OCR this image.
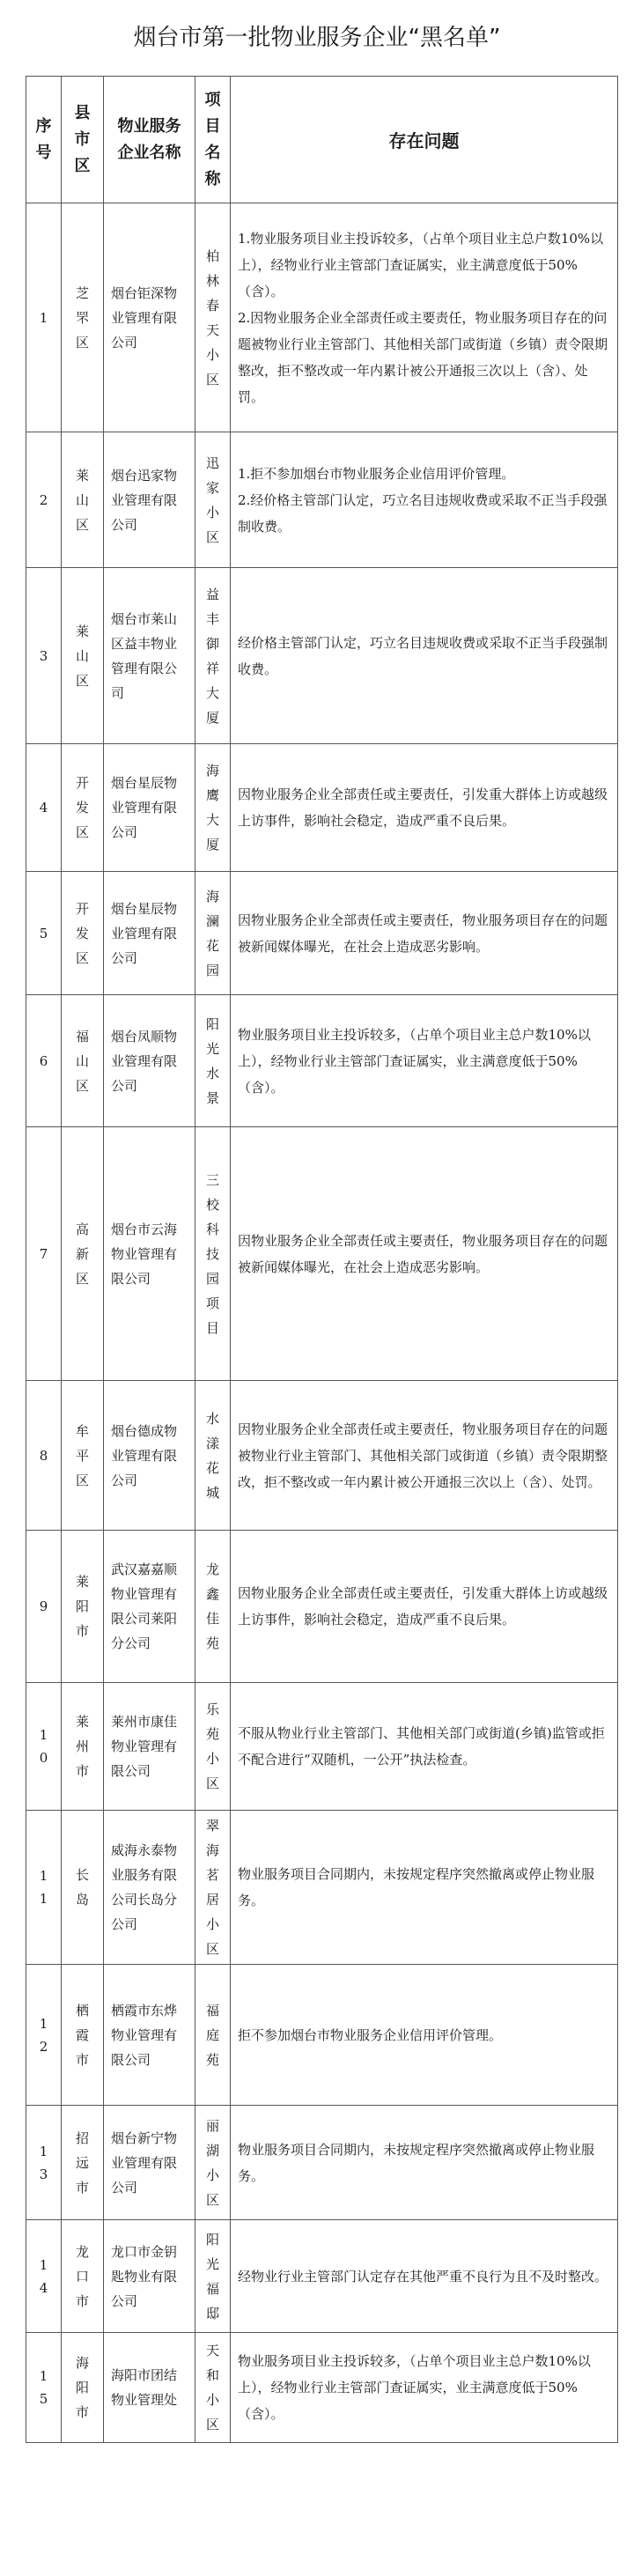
烟台市第一批物业服务企业“黑名单”
序号	县市区	物业服务企业名称	项目名称	存在问题
1	芝罘区	烟台钜深物业管理有限公司	柏林春天小区	1.物业服务项目业主投诉较多，（占单个项目业主总户数10%以上），经物业行业主管部门查证属实，业主满意度低于50%（含）。
2.因物业服务企业全部责任或主要责任，物业服务项目存在的问题被物业行业主管部门、其他相关部门或街道（乡镇）责令限期整改，拒不整改或一年内累计被公开通报三次以上（含）、处罚。

2	莱山区	烟台迅家物业管理有限公司	迅家小区	1.拒不参加烟台市物业服务企业信用评价管理。
2.经价格主管部门认定，巧立名目违规收费或采取不正当手段强制收费。

3	莱山区	烟台市莱山区益丰物业管理有限公司	益丰御祥大厦	经价格主管部门认定，巧立名目违规收费或采取不正当手段强制收费。

4	开发区	烟台星辰物业管理有限公司	海鹰大厦	因物业服务企业全部责任或主要责任，引发重大群体上访或越级上访事件，影响社会稳定，造成严重不良后果。

5	开发区	烟台星辰物业管理有限公司	海澜花园	因物业服务企业全部责任或主要责任，物业服务项目存在的问题被新闻媒体曝光，在社会上造成恶劣影响。

6	福山区	烟台凤顺物业管理有限公司	阳光水景	物业服务项目业主投诉较多，（占单个项目业主总户数10%以上），经物业行业主管部门查证属实，业主满意度低于50%（含）。

7	高新区	烟台市云海物业管理有限公司	三校科技园项目	因物业服务企业全部责任或主要责任，物业服务项目存在的问题被新闻媒体曝光，在社会上造成恶劣影响。

8	牟平区	烟台德成物业管理有限公司	水漾花城	因物业服务企业全部责任或主要责任，物业服务项目存在的问题被物业行业主管部门、其他相关部门或街道（乡镇）责令限期整改，拒不整改或一年内累计被公开通报三次以上（含）、处罚。

9	莱阳市	武汉嘉嘉顺物业管理有限公司莱阳分公司	龙鑫佳苑	因物业服务企业全部责任或主要责任，引发重大群体上访或越级上访事件，影响社会稳定，造成严重不良后果。

10	莱州市	莱州市康佳物业管理有限公司	乐苑小区	不服从物业行业主管部门、其他相关部门或街道(乡镇)监管或拒不配合进行“双随机，一公开”执法检查。

11	长岛	威海永泰物业服务有限公司长岛分公司	翠海茗居小区	物业服务项目合同期内，未按规定程序突然撤离或停止物业服务。

12	栖霞市	栖霞市东烨物业管理有限公司	福庭苑	拒不参加烟台市物业服务企业信用评价管理。

13	招远市	烟台新宁物业管理有限公司	丽湖小区	物业服务项目合同期内，未按规定程序突然撤离或停止物业服务。

14	龙口市	龙口市金钥匙物业有限公司	阳光福邸	经物业行业主管部门认定存在其他严重不良行为且不及时整改。

15	海阳市	海阳市团结物业管理处	天和小区	物业服务项目业主投诉较多，（占单个项目业主总户数10%以上），经物业行业主管部门查证属实，业主满意度低于50%（含）。
